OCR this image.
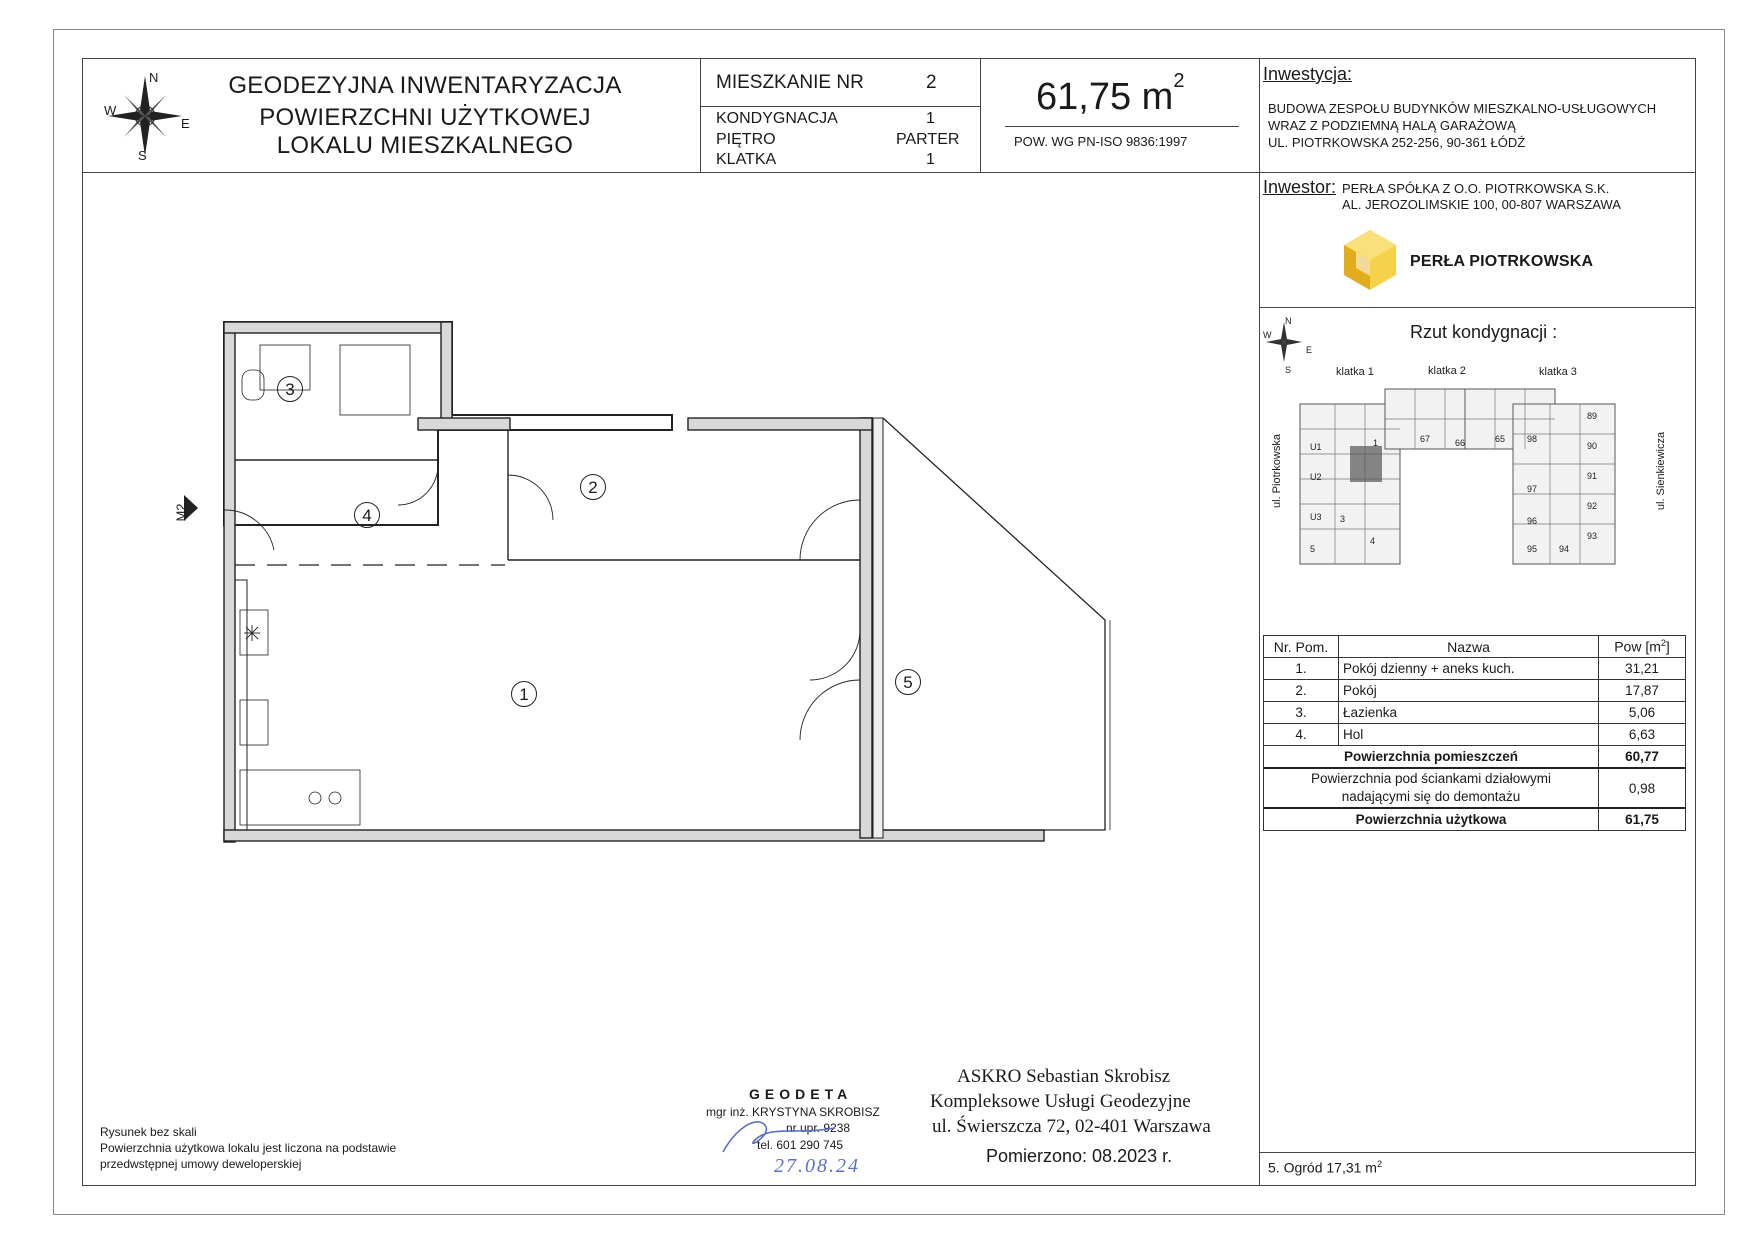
N
S
E
W
GEODEZYJNA INWENTARYZACJA
POWIERZCHNI UŻYTKOWEJ
LOKALU MIESZKALNEGO
MIESZKANIE NR	2
KONDYGNACJA	1
PIĘTRO	PARTER
KLATKA	1
61,75 $m^2$
POW. WG PN-ISO 9836:1997
Inwestycja:
BUDOWA ZESPOŁU BUDYNKÓW MIESZKALNO-USŁUGOWYCH
WRAZ Z PODZIEMNĄ HALĄ GARAŻOWĄ
UL. PIOTRKOWSKA 252-256, 90-361 ŁÓDŹ
Inwestor: PERŁA SPÓŁKA Z O.O. PIOTRKOWSKA S.K.
AL. JEROZOLIMSKIE 100, 00-807 WARSZAWA
PERŁA PIOTRKOWSKA
Rzut kondygnacji :
W
E
S
N
klatka 1	klatka 2	klatka 3
ul. Piotrkowska	ul. Sienkiewicza
89
90
91
92
93
94
95
96
97
98
65
66
67
U1
U2
U3 3
4
5
1
Nr. Pom.	Nazwa	Pow $[m^2]$
1.	Pokój dzienny + aneks kuch.	31,21
2.	Pokój	17,87
3.	Łazienka	5,06
4.	Hol	6,63
Powierzchnia pomieszczeń		60,77

Powierzchnia pod ściankami działowymi
nadającymi się do demontażu		0,98
Powierzchnia użytkowa		61,75
1
2
3
4
5
M2
Rysunek bez skali
Powierzchnia użytkowa lokalu jest liczona na podstawie
przedwstępnej umowy deweloperskiej
GEODETA
mgr inż. KRYSTYNA SKROBISZ
nr upr. 9238
tel. 601 290 745
27.08.24
ASKRO Sebastian Skrobisz
Kompleksowe Usługi Geodezyjne
ul. Świerszcza 72, 02-401 Warszawa
Pomierzono: 08.2023 r.
5. Ogród 17,31 $m^2$
